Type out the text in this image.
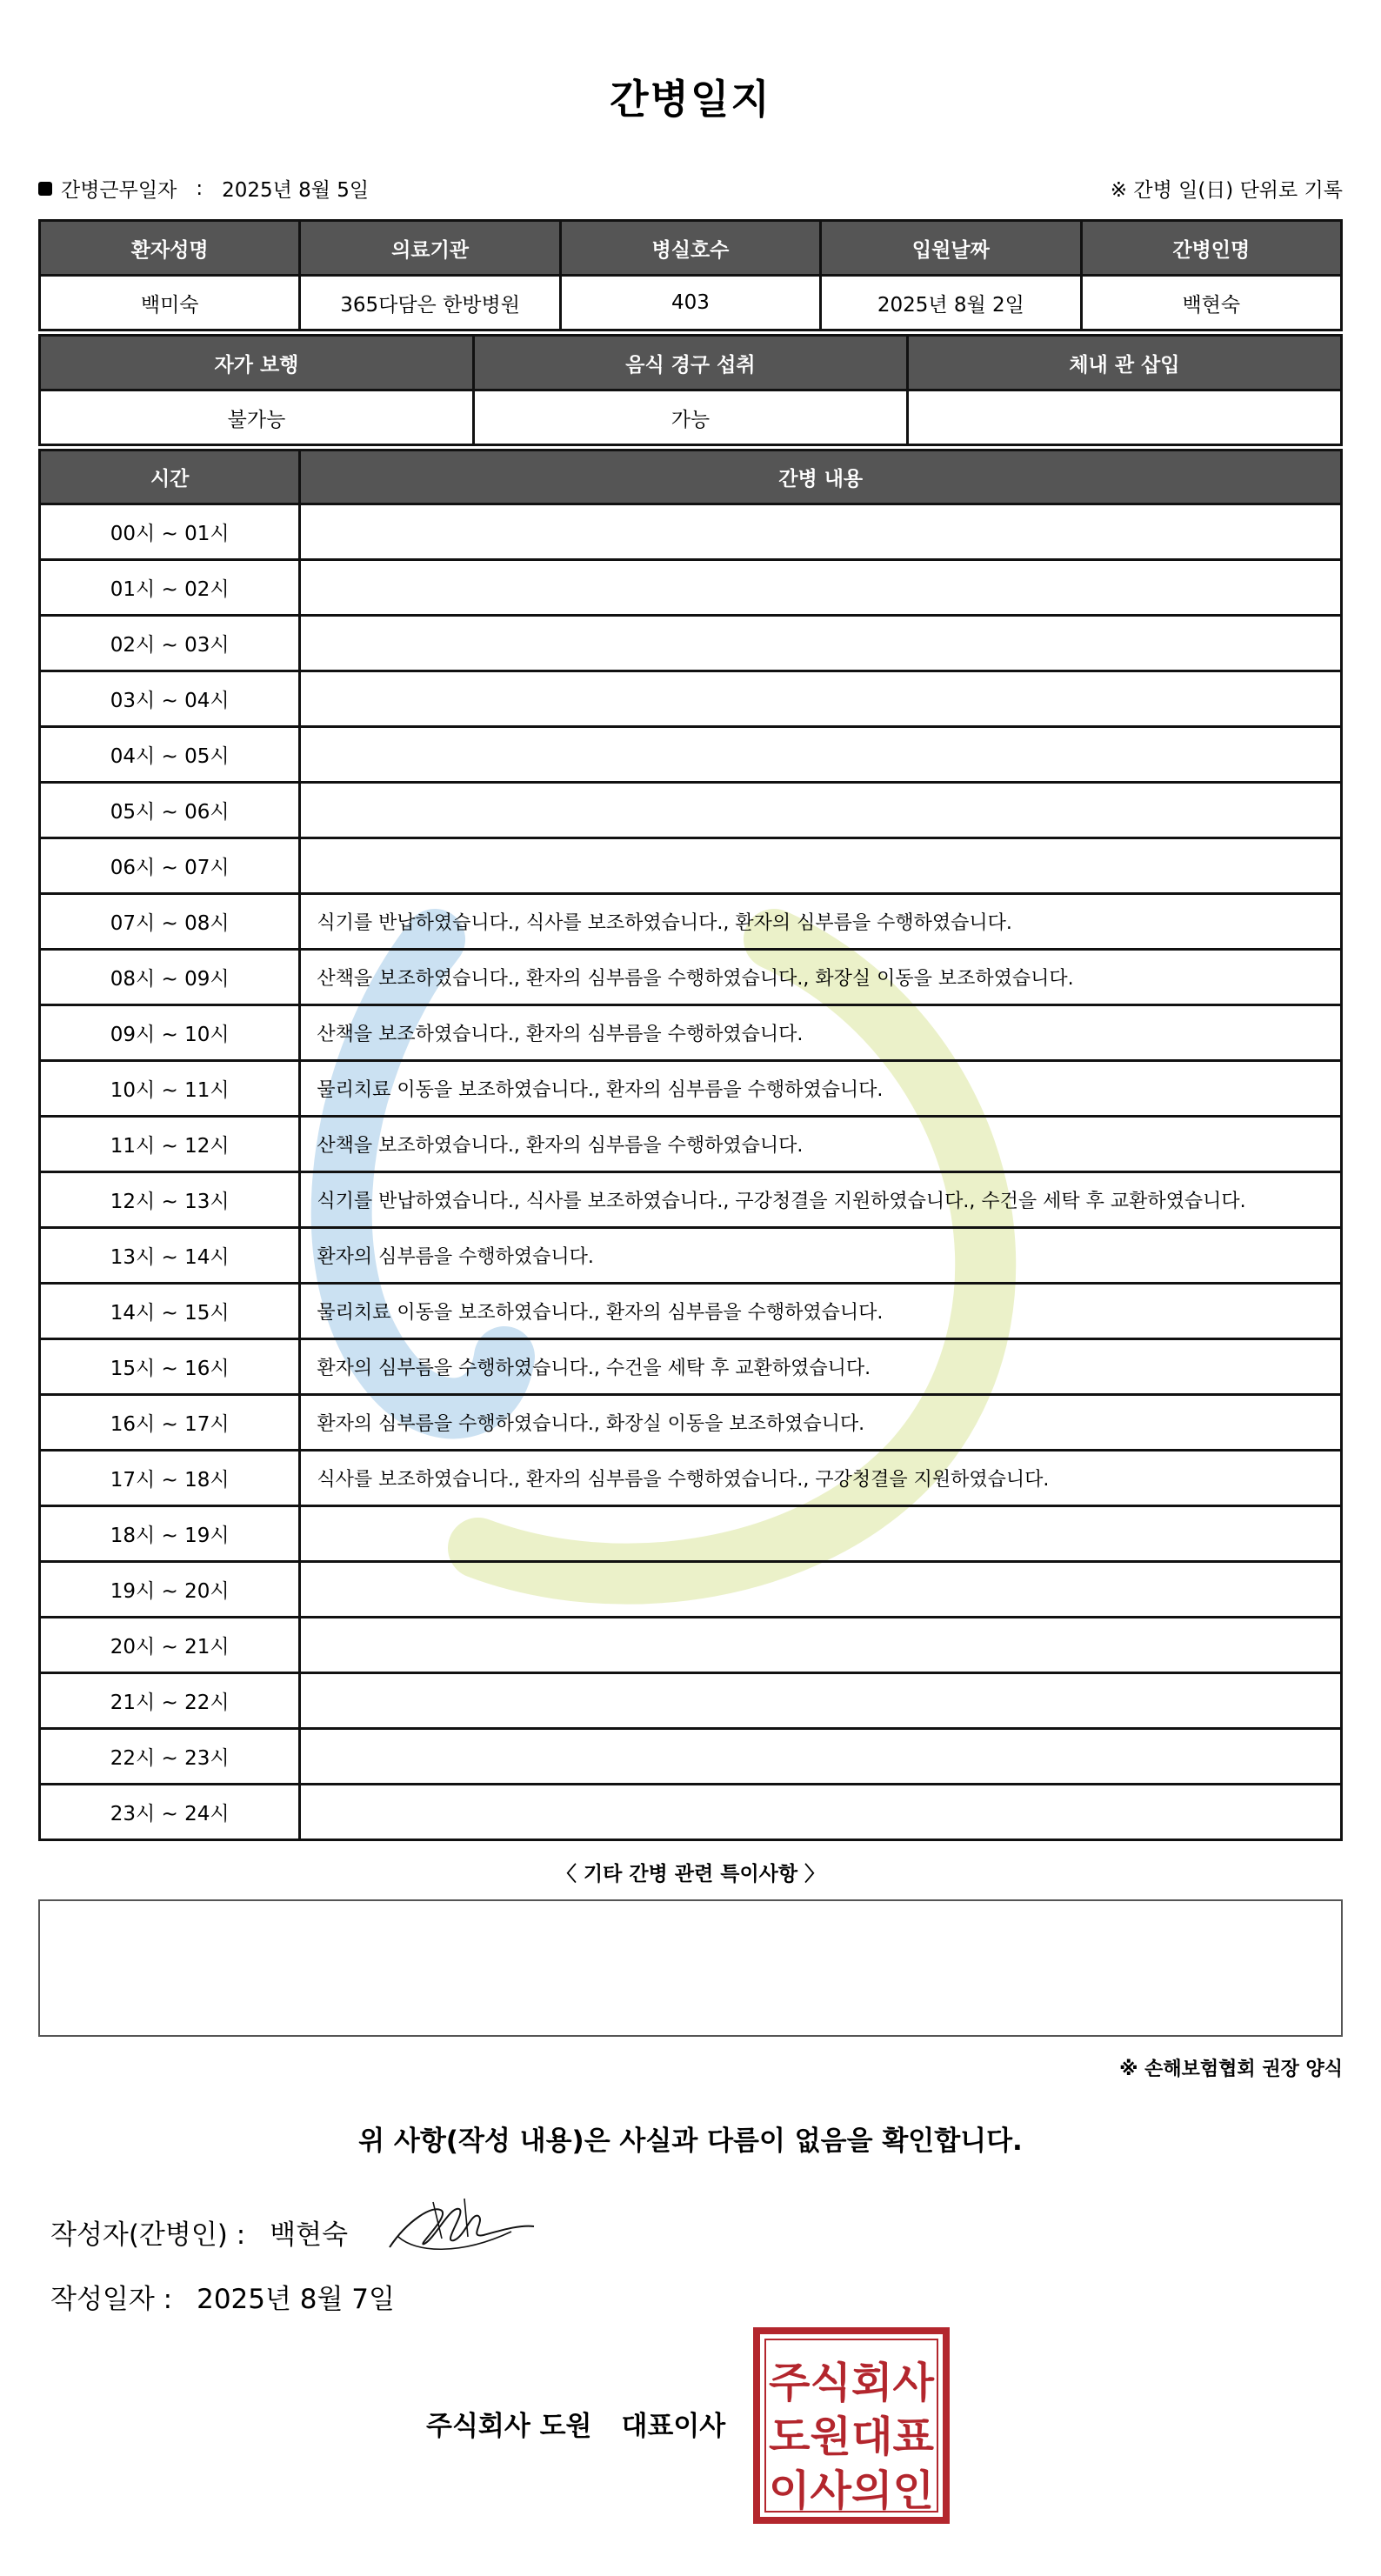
간병일지
간병근무일자 : 2025년 8월 5일	※ 간병 일(日) 단위로 기록
환자성명	의료기관	병실호수	입원날짜	간병인명
백미숙	365다담은 한방병원	403	2025년 8월 2일	백현숙
자가 보행	음식 경구 섭취	체내 관 삽입
불가능	가능	
시간	간병 내용
00시 ~ 01시	
01시 ~ 02시	
02시 ~ 03시	
03시 ~ 04시	
04시 ~ 05시	
05시 ~ 06시	
06시 ~ 07시	
07시 ~ 08시	식기를 반납하였습니다., 식사를 보조하였습니다., 환자의 심부름을 수행하였습니다.
08시 ~ 09시	산책을 보조하였습니다., 환자의 심부름을 수행하였습니다., 화장실 이동을 보조하였습니다.
09시 ~ 10시	산책을 보조하였습니다., 환자의 심부름을 수행하였습니다.
10시 ~ 11시	물리치료 이동을 보조하였습니다., 환자의 심부름을 수행하였습니다.
11시 ~ 12시	산책을 보조하였습니다., 환자의 심부름을 수행하였습니다.
12시 ~ 13시	식기를 반납하였습니다., 식사를 보조하였습니다., 구강청결을 지원하였습니다., 수건을 세탁 후 교환하였습니다.
13시 ~ 14시	환자의 심부름을 수행하였습니다.
14시 ~ 15시	물리치료 이동을 보조하였습니다., 환자의 심부름을 수행하였습니다.
15시 ~ 16시	환자의 심부름을 수행하였습니다., 수건을 세탁 후 교환하였습니다.
16시 ~ 17시	환자의 심부름을 수행하였습니다., 화장실 이동을 보조하였습니다.
17시 ~ 18시	식사를 보조하였습니다., 환자의 심부름을 수행하였습니다., 구강청결을 지원하였습니다.
18시 ~ 19시	
19시 ~ 20시	
20시 ~ 21시	
21시 ~ 22시	
22시 ~ 23시	
23시 ~ 24시	
〈 기타 간병 관련 특이사항 〉
※ 손해보험협회 권장 양식
위 사항(작성 내용)은 사실과 다름이 없음을 확인합니다.
작성자(간병인) : 백현숙
작성일자 : 2025년 8월 7일
주식회사 도원 대표이사
주식회사
도원대표
이사의인
